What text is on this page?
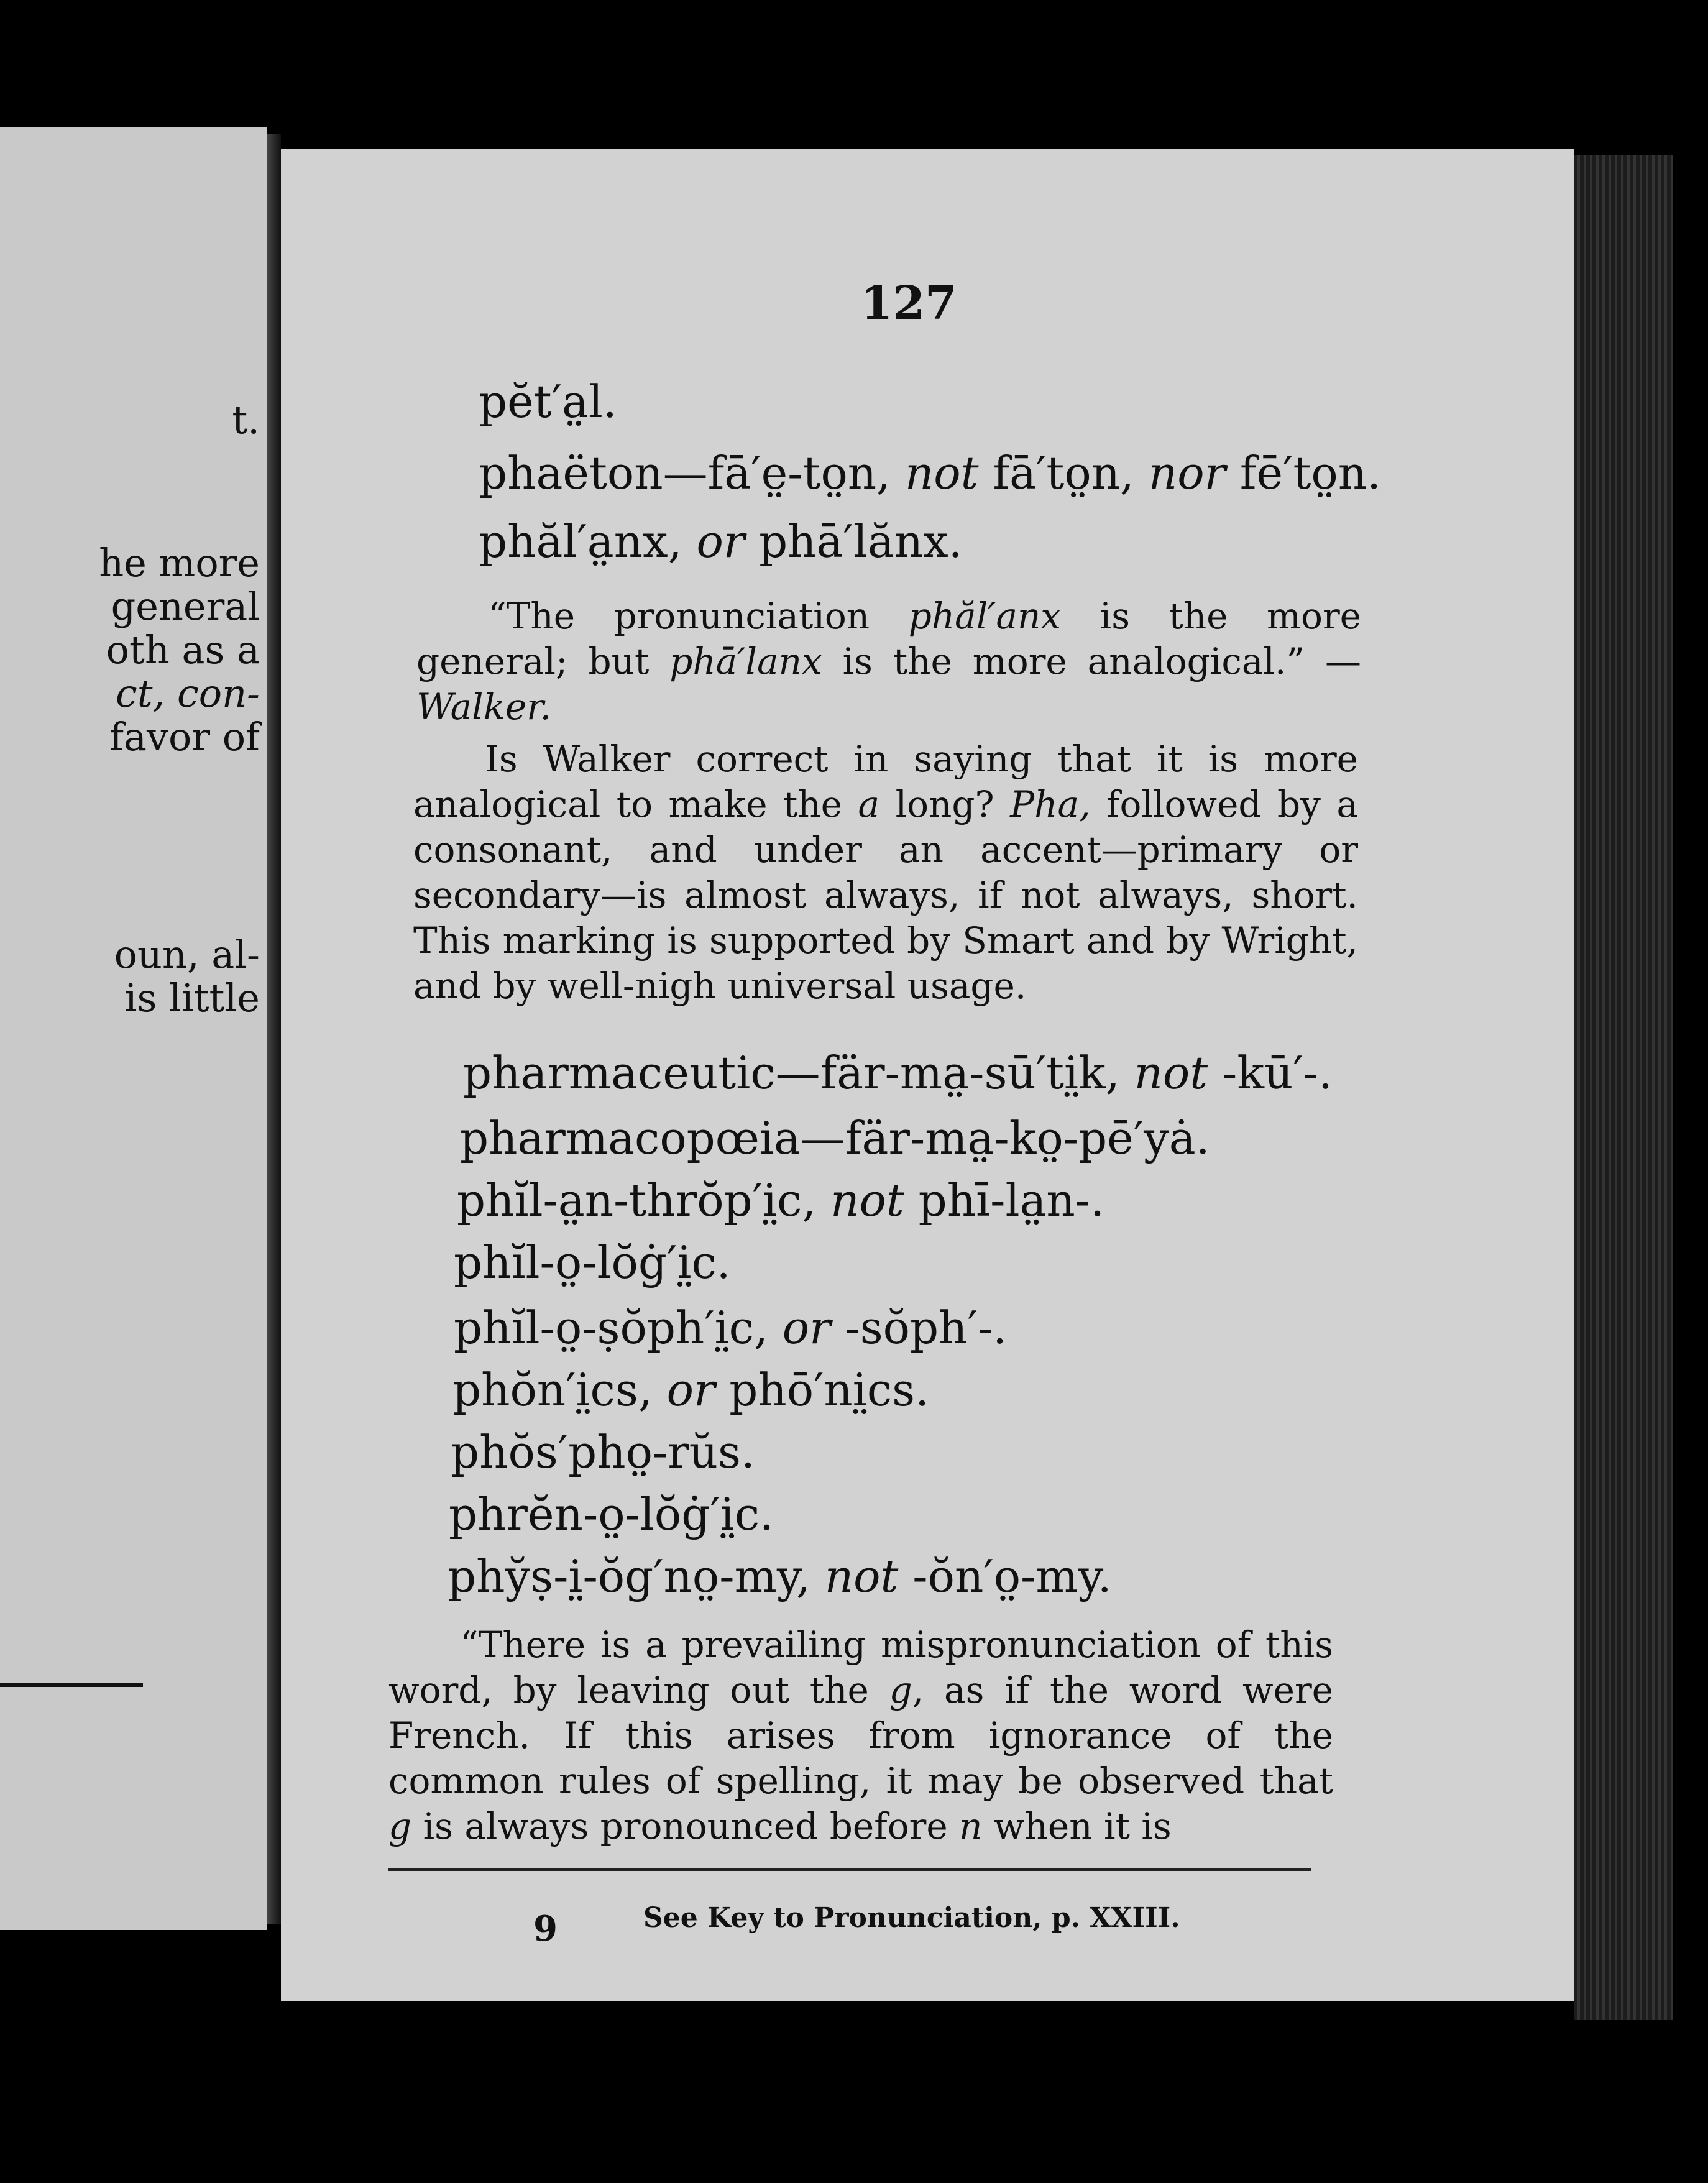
t.
he more
general
oth as a
ct, con-
favor of
oun, al-
is little
127
pĕt′a̤l.
phaëton—fā′e̤-to̤n, not fā′to̤n, nor fē′to̤n.
phăl′a̤nx, or phā′lănx.

“The pronunciation phăl′anx is the more general; but phā′lanx is the more analogical.” — Walker.

Is Walker correct in saying that it is more analogical to make the a long? Pha, followed by a consonant, and under an accent—primary or secondary—is almost always, if not always, short. This marking is supported by Smart and by Wright, and by well-nigh universal usage.

pharmaceutic—fär-ma̤-sū′ti̤k, not -kū′-.
pharmacopœia—fär-ma̤-ko̤-pē′yȧ.
phĭl-a̤n-thrŏp′i̤c, not phī-la̤n-.
phĭl-o̤-lŏġ′i̤c.
phĭl-o̤-ṣŏph′i̤c, or -sŏph′-.
phŏn′i̤cs, or phō′ni̤cs.
phŏs′pho̤-rŭs.
phrĕn-o̤-lŏġ′i̤c.
phy̆ṣ-i̤-ŏg′no̤-my, not -ŏn′o̤-my.

“There is a prevailing mispronunciation of this word, by leaving out the g, as if the word were French. If this arises from ignorance of the common rules of spelling, it may be observed that g is always pronounced before n when it is

9	See Key to Pronunciation, p. XXIII.
